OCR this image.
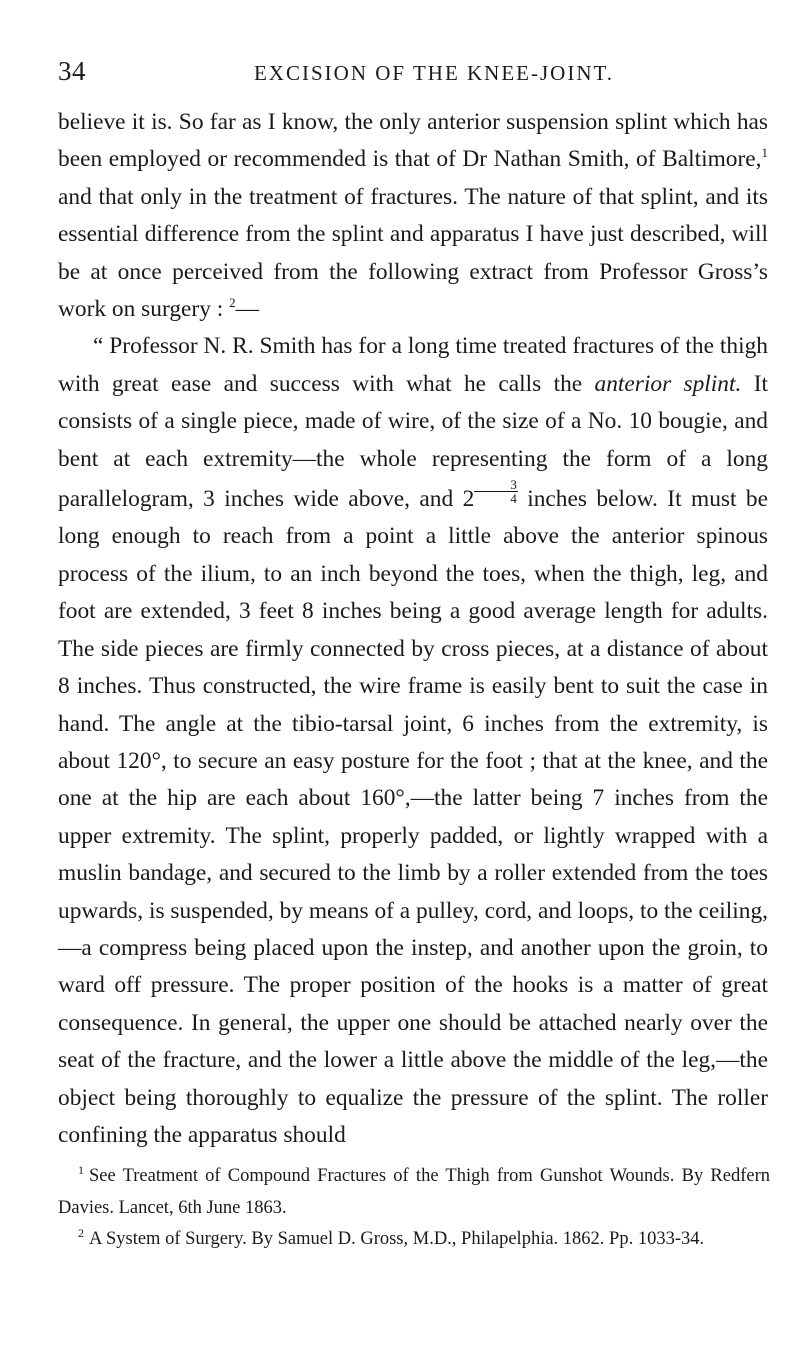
34	EXCISION OF THE KNEE-JOINT.

believe it is. So far as I know, the only anterior suspension splint which has been employed or recommended is that of Dr Nathan Smith, of Baltimore,$^1$ and that only in the treatment of fractures. The nature of that splint, and its essential difference from the splint and apparatus I have just described, will be at once perceived from the following extract from Professor Gross’s work on surgery : $^2$—

“ Professor N. R. Smith has for a long time treated fractures of the thigh with great ease and success with what he calls the anterior splint. It consists of a single piece, made of wire, of the size of a No. 10 bougie, and bent at each extremity—the whole representing the form of a long parallelogram, 3 inches wide above, and $2 \frac{3}{4}$ inches below. It must be long enough to reach from a point a little above the anterior spinous process of the ilium, to an inch beyond the toes, when the thigh, leg, and foot are extended, 3 feet 8 inches being a good average length for adults. The side pieces are firmly connected by cross pieces, at a distance of about 8 inches. Thus constructed, the wire frame is easily bent to suit the case in hand. The angle at the tibio-tarsal joint, 6 inches from the extremity, is about 120°, to secure an easy posture for the foot ; that at the knee, and the one at the hip are each about 160°,—the latter being 7 inches from the upper extremity. The splint, properly padded, or lightly wrapped with a muslin bandage, and secured to the limb by a roller extended from the toes upwards, is suspended, by means of a pulley, cord, and loops, to the ceiling,—a compress being placed upon the instep, and another upon the groin, to ward off pressure. The proper position of the hooks is a matter of great consequence. In general, the upper one should be attached nearly over the seat of the fracture, and the lower a little above the middle of the leg,—the object being thoroughly to equalize the pressure of the splint. The roller confining the apparatus should

$^1$ See Treatment of Compound Fractures of the Thigh from Gunshot Wounds. By Redfern Davies. Lancet, 6th June 1863.

$^2$ A System of Surgery. By Samuel D. Gross, M.D., Philapelphia. 1862. Pp. 1033-34.
